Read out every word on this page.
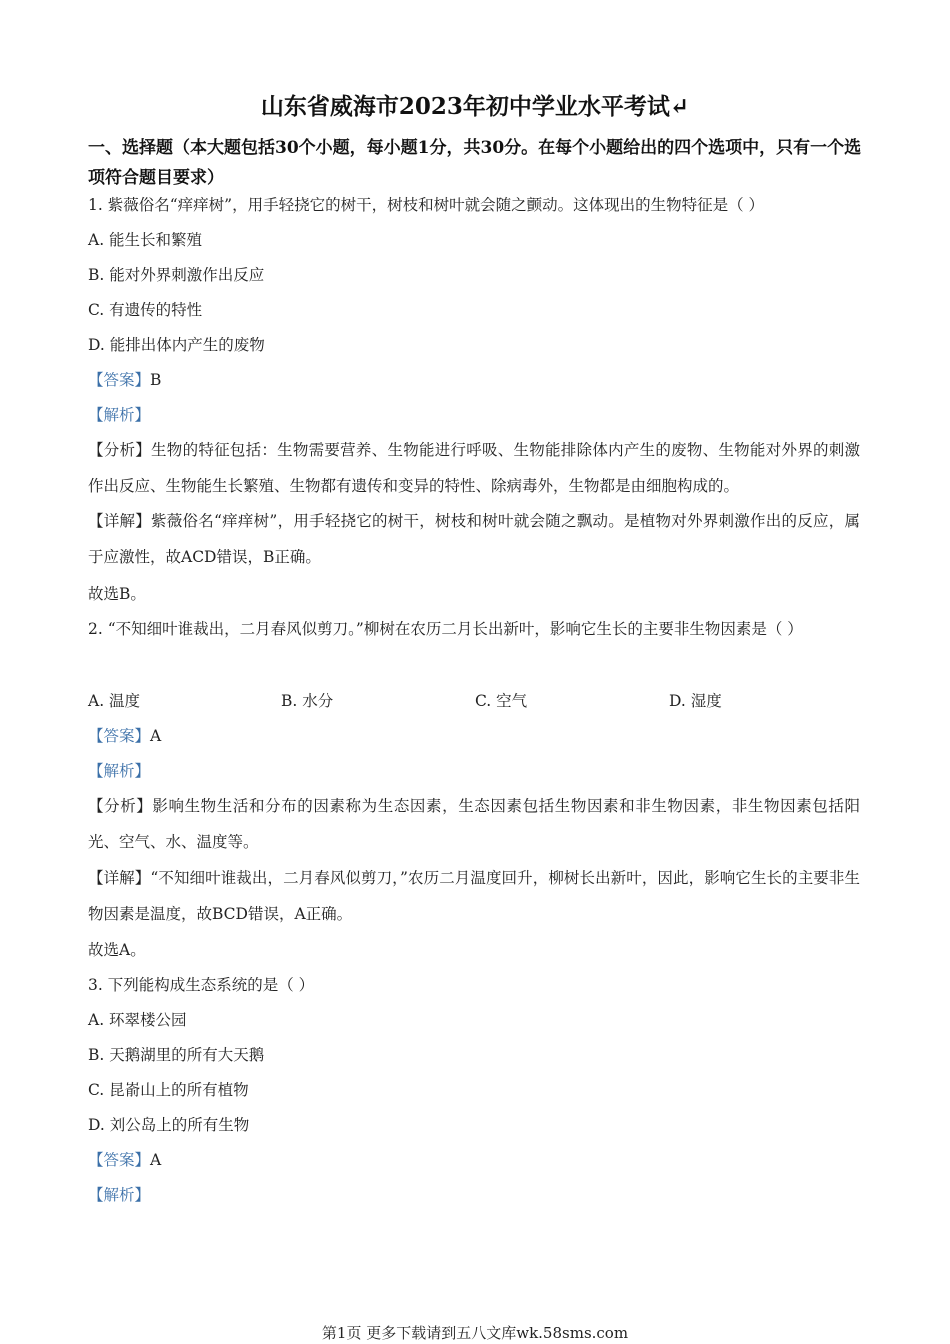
山东省威海市2023年初中学业水平考试↵
一、选择题（本大题包括30个小题，每小题1分，共30分。在每个小题给出的四个选项中，只有一个选项符合题目要求）
1. 紫薇俗名“痒痒树”，用手轻挠它的树干，树枝和树叶就会随之颤动。这体现出的生物特征是（ ）
A. 能生长和繁殖
B. 能对外界刺激作出反应
C. 有遗传的特性
D. 能排出体内产生的废物
【答案】B
【解析】
【分析】生物的特征包括：生物需要营养、生物能进行呼吸、生物能排除体内产生的废物、生物能对外界的刺激作出反应、生物能生长繁殖、生物都有遗传和变异的特性、除病毒外，生物都是由细胞构成的。
【详解】紫薇俗名“痒痒树”，用手轻挠它的树干，树枝和树叶就会随之飘动。是植物对外界刺激作出的反应，属于应激性，故ACD错误，B正确。
故选B。
2. “不知细叶谁裁出，二月春风似剪刀。”柳树在农历二月长出新叶，影响它生长的主要非生物因素是（ ）
A. 温度	B. 水分	C. 空气	D. 湿度
【答案】A
【解析】
【分析】影响生物生活和分布的因素称为生态因素，生态因素包括生物因素和非生物因素，非生物因素包括阳光、空气、水、温度等。
【详解】“不知细叶谁裁出，二月春风似剪刀，”农历二月温度回升，柳树长出新叶，因此，影响它生长的主要非生物因素是温度，故BCD错误，A正确。
故选A。
3. 下列能构成生态系统的是（ ）
A. 环翠楼公园
B. 天鹅湖里的所有大天鹅
C. 昆嵛山上的所有植物
D. 刘公岛上的所有生物
【答案】A
【解析】
第1页 更多下载请到五八文库wk.58sms.com
